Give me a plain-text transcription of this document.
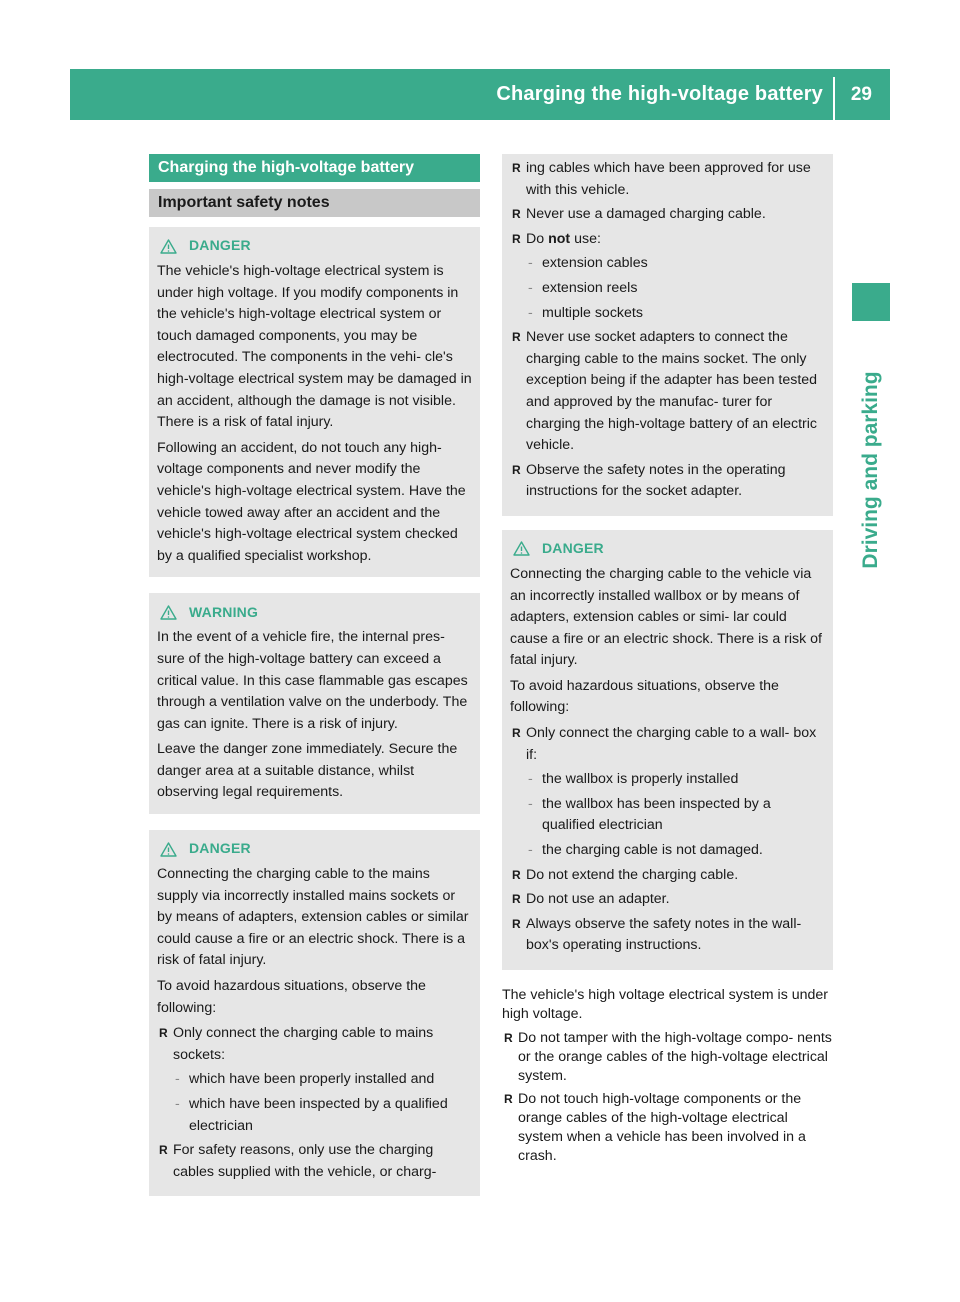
Charging the high-voltage battery 29
Driving and parking
Charging the high-voltage battery
Important safety notes
DANGER

The vehicle's high-voltage electrical system is under high voltage. If you modify components in the vehicle's high-voltage electrical system or touch damaged components, you may be electrocuted. The components in the vehi- cle's high-voltage electrical system may be damaged in an accident, although the damage is not visible. There is a risk of fatal injury.

Following an accident, do not touch any high- voltage components and never modify the vehicle's high-voltage electrical system. Have the vehicle towed away after an accident and the vehicle's high-voltage electrical system checked by a qualified specialist workshop.

WARNING

In the event of a vehicle fire, the internal pres- sure of the high-voltage battery can exceed a critical value. In this case flammable gas escapes through a ventilation valve on the underbody. The gas can ignite. There is a risk of injury.

Leave the danger zone immediately. Secure the danger area at a suitable distance, whilst observing legal requirements.

DANGER

Connecting the charging cable to the mains supply via incorrectly installed mains sockets or by means of adapters, extension cables or similar could cause a fire or an electric shock. There is a risk of fatal injury.

To avoid hazardous situations, observe the following:

R Only connect the charging cable to mains sockets:
- which have been properly installed and
- which have been inspected by a qualified electrician
R For safety reasons, only use the charging cables supplied with the vehicle, or charg-
R ing cables which have been approved for use with this vehicle.
R Never use a damaged charging cable.
R Do not use:
- extension cables
- extension reels
- multiple sockets
R Never use socket adapters to connect the charging cable to the mains socket. The only exception being if the adapter has been tested and approved by the manufac- turer for charging the high-voltage battery of an electric vehicle.
R Observe the safety notes in the operating instructions for the socket adapter.
DANGER

Connecting the charging cable to the vehicle via an incorrectly installed wallbox or by means of adapters, extension cables or simi- lar could cause a fire or an electric shock. There is a risk of fatal injury.

To avoid hazardous situations, observe the following:

R Only connect the charging cable to a wall- box if:
- the wallbox is properly installed
- the wallbox has been inspected by a qualified electrician
- the charging cable is not damaged.
R Do not extend the charging cable.
R Do not use an adapter.
R Always observe the safety notes in the wall- box's operating instructions.

The vehicle's high voltage electrical system is under high voltage.

R Do not tamper with the high-voltage compo- nents or the orange cables of the high-voltage electrical system.
R Do not touch high-voltage components or the orange cables of the high-voltage electrical system when a vehicle has been involved in a crash.
